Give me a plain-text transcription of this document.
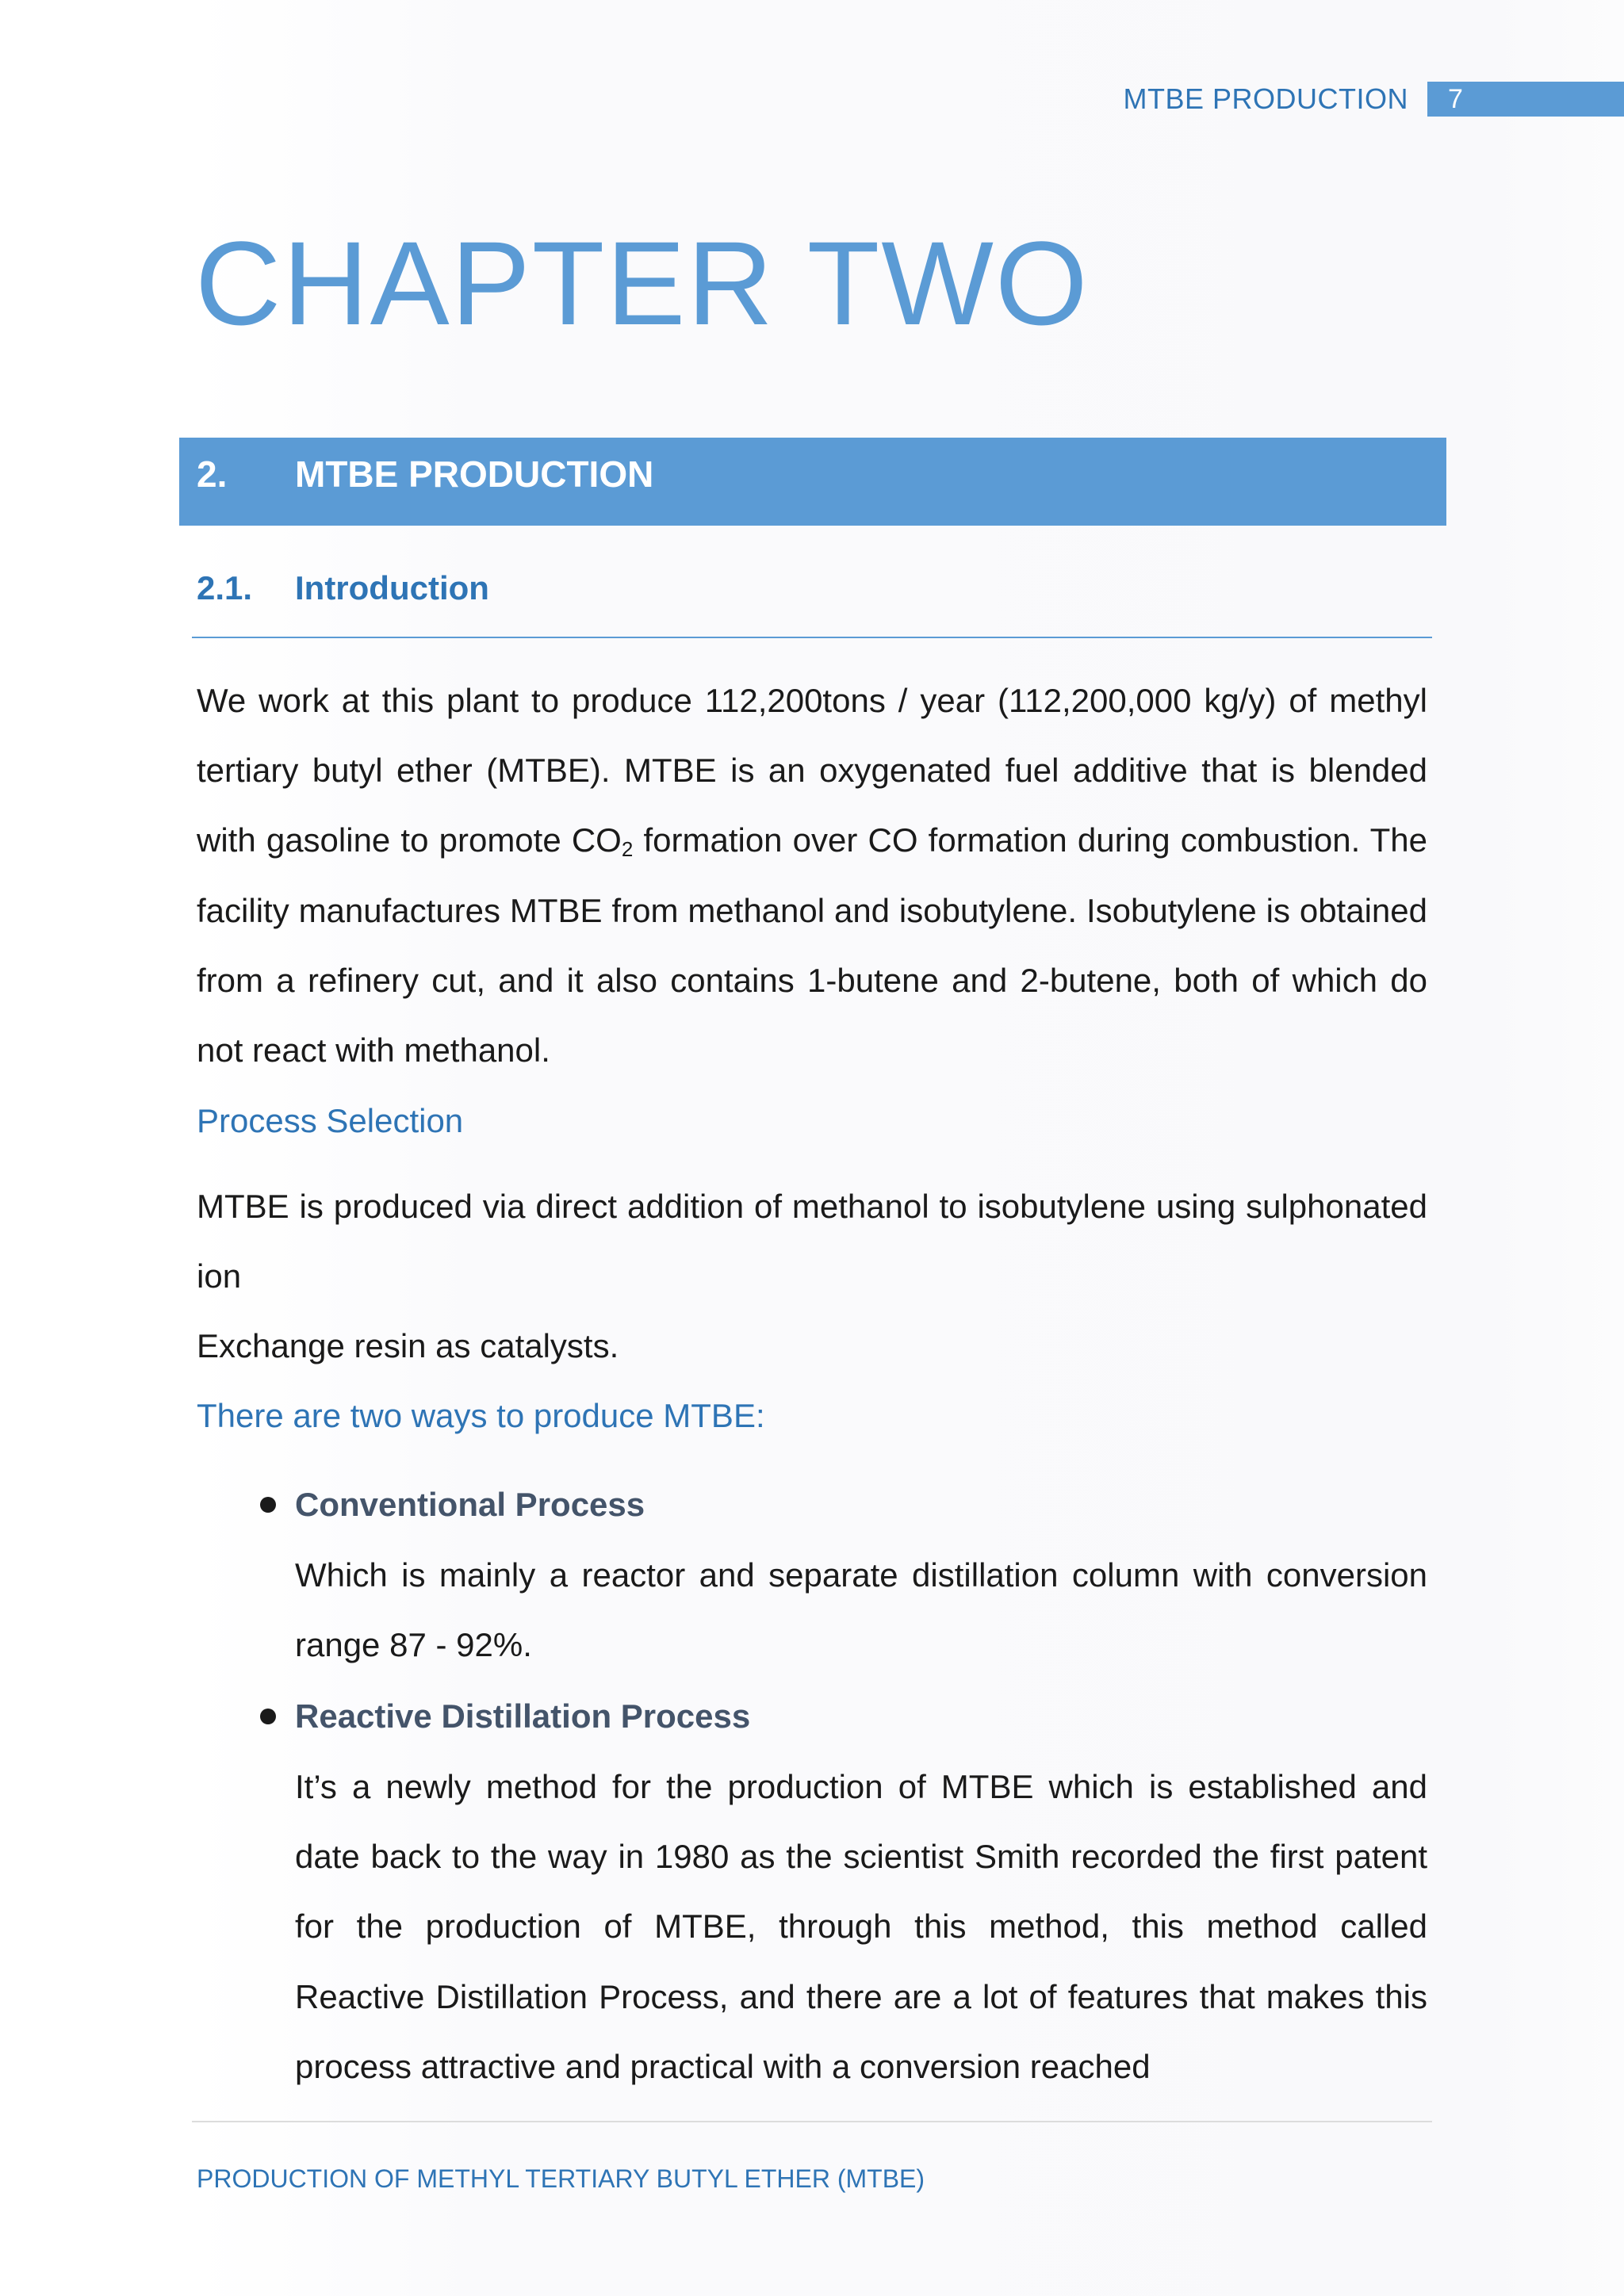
MTBE PRODUCTION	7
CHAPTER TWO
2. MTBE PRODUCTION
2.1. Introduction

We work at this plant to produce 112,200tons / year (112,200,000 kg/y) of methyl tertiary butyl ether (MTBE). MTBE is an oxygenated fuel additive that is blended with gasoline to promote $CO_2$ formation over CO formation during combustion. The facility manufactures MTBE from methanol and isobutylene. Isobutylene is obtained from a refinery cut, and it also contains 1-butene and 2-butene, both of which do not react with methanol.

Process Selection

MTBE is produced via direct addition of methanol to isobutylene using sulphonated ion

Exchange resin as catalysts.
There are two ways to produce MTBE:
Conventional Process

Which is mainly a reactor and separate distillation column with conversion range 87 - 92%.

Reactive Distillation Process

It’s a newly method for the production of MTBE which is established and date back to the way in 1980 as the scientist Smith recorded the first patent for the production of MTBE, through this method, this method called Reactive Distillation Process, and there are a lot of features that makes this process attractive and practical with a conversion reached

PRODUCTION OF METHYL TERTIARY BUTYL ETHER (MTBE)
